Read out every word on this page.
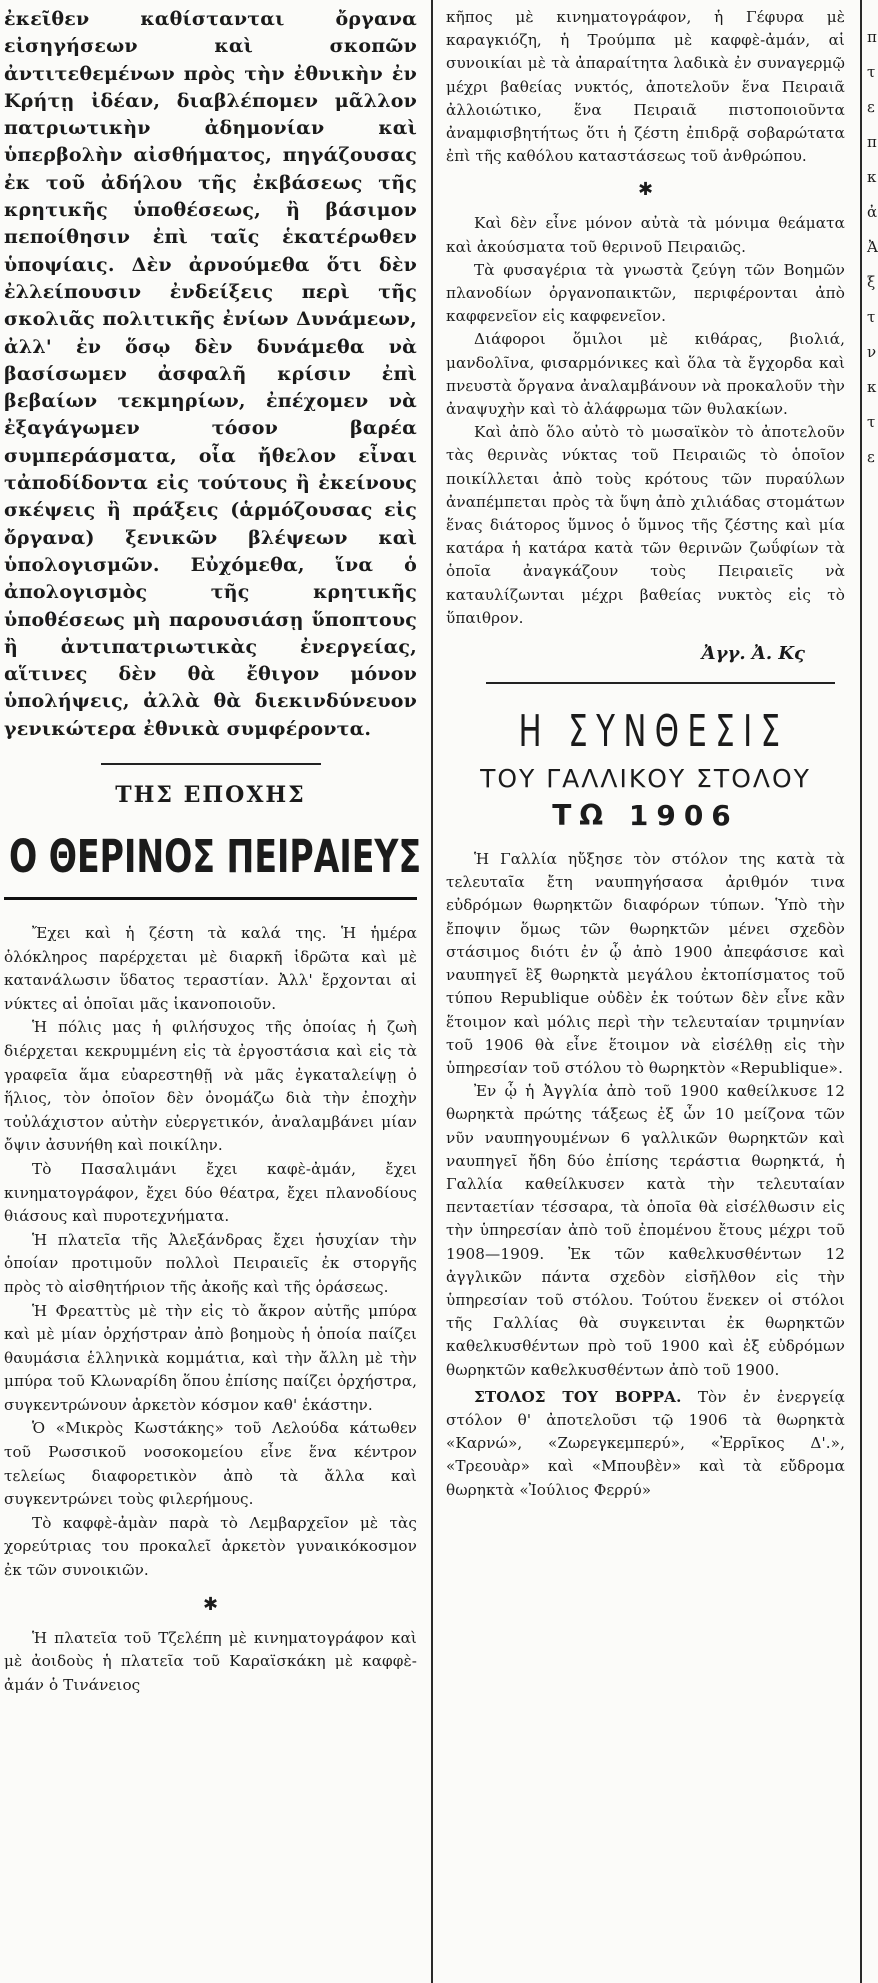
ἐκεῖθεν καθίστανται ὄργανα εἰσηγήσεων καὶ σκοπῶν ἀντιτεθεμένων πρὸς τὴν ἐθνικὴν ἐν Κρήτῃ ἰδέαν, διαβλέπομεν μᾶλλον πατριωτικὴν ἀδημονίαν καὶ ὑπερβολὴν αἰσθήματος, πηγάζουσας ἐκ τοῦ ἀδήλου τῆς ἐκβάσεως τῆς κρητικῆς ὑποθέσεως, ἢ βάσιμον πεποίθησιν ἐπὶ ταῖς ἑκατέρωθεν ὑποψίαις. Δὲν ἀρνούμεθα ὅτι δὲν ἐλλείπουσιν ἐνδείξεις περὶ τῆς σκολιᾶς πολιτικῆς ἐνίων Δυνάμεων, ἀλλ' ἐν ὅσῳ δὲν δυνάμεθα νὰ βασίσωμεν ἀσφαλῆ κρίσιν ἐπὶ βεβαίων τεκμηρίων, ἐπέχομεν νὰ ἐξαγάγωμεν τόσον βαρέα συμπεράσματα, οἷα ἤθελον εἶναι τἀποδίδοντα εἰς τούτους ἢ ἐκείνους σκέψεις ἢ πράξεις (ἁρμόζουσας εἰς ὄργανα) ξενικῶν βλέψεων καὶ ὑπολογισμῶν. Εὐχόμεθα, ἵνα ὁ ἀπολογισμὸς τῆς κρητικῆς ὑποθέσεως μὴ παρουσιάσῃ ὕποπτους ἢ ἀντιπατριωτικὰς ἐνεργείας, αἵτινες δὲν θὰ ἔθιγον μόνον ὑπολήψεις, ἀλλὰ θὰ διεκινδύνευον γενικώτερα ἐθνικὰ συμφέροντα.

ΤΗΣ ΕΠΟΧΗΣ
Ο ΘΕΡΙΝΟΣ ΠΕΙΡΑΙΕΥΣ

Ἔχει καὶ ἡ ζέστη τὰ καλά της. Ἡ ἡμέρα ὁλόκληρος παρέρχεται μὲ διαρκῆ ἱδρῶτα καὶ μὲ κατανάλωσιν ὕδατος τεραστίαν. Ἀλλ' ἔρχονται αἱ νύκτες αἱ ὁποῖαι μᾶς ἱκανοποιοῦν.

Ἡ πόλις μας ἡ φιλήσυχος τῆς ὁποίας ἡ ζωὴ διέρχεται κεκρυμμένη εἰς τὰ ἐργοστάσια καὶ εἰς τὰ γραφεῖα ἅμα εὐαρεστηθῇ νὰ μᾶς ἐγκαταλείψῃ ὁ ἥλιος, τὸν ὁποῖον δὲν ὀνομάζω διὰ τὴν ἐποχὴν τοὐλάχιστον αὐτὴν εὐεργετικόν, ἀναλαμβάνει μίαν ὄψιν ἀσυνήθη καὶ ποικίλην.

Τὸ Πασαλιμάνι ἔχει καφὲ-ἀμάν, ἔχει κινηματογράφον, ἔχει δύο θέατρα, ἔχει πλανοδίους θιάσους καὶ πυροτεχνήματα.

Ἡ πλατεῖα τῆς Ἀλεξάνδρας ἔχει ἡσυχίαν τὴν ὁποίαν προτιμοῦν πολλοὶ Πειραιεῖς ἐκ στοργῆς πρὸς τὸ αἰσθητήριον τῆς ἀκοῆς καὶ τῆς ὁράσεως.

Ἡ Φρεαττὺς μὲ τὴν εἰς τὸ ἄκρον αὐτῆς μπύρα καὶ μὲ μίαν ὀρχήστραν ἀπὸ βοημοὺς ἡ ὁποία παίζει θαυμάσια ἑλληνικὰ κομμάτια, καὶ τὴν ἄλλη μὲ τὴν μπύρα τοῦ Κλωναρίδη ὅπου ἐπίσης παίζει ὀρχήστρα, συγκεντρώνουν ἀρκετὸν κόσμον καθ' ἑκάστην.

Ὁ «Μικρὸς Κωστάκης» τοῦ Λελούδα κάτωθεν τοῦ Ρωσσικοῦ νοσοκομείου εἶνε ἕνα κέντρον τελείως διαφορετικὸν ἀπὸ τὰ ἄλλα καὶ συγκεντρώνει τοὺς φιλερήμους.

Τὸ καφφὲ-ἀμὰν παρὰ τὸ Λεμβαρχεῖον μὲ τὰς χορεύτριας του προκαλεῖ ἀρκετὸν γυναικόκοσμον ἐκ τῶν συνοικιῶν.

✱

Ἡ πλατεῖα τοῦ Τζελέπη μὲ κινηματογράφον καὶ μὲ ἀοιδοὺς ἡ πλατεῖα τοῦ Καραϊσκάκη μὲ καφφὲ-ἀμάν ὁ Τινάνειος

κῆπος μὲ κινηματογράφον, ἡ Γέφυρα μὲ καραγκιόζη, ἡ Τρούμπα μὲ καφφὲ-ἀμάν, αἱ συνοικίαι μὲ τὰ ἀπαραίτητα λαδικὰ ἐν συναγερμῷ μέχρι βαθείας νυκτός, ἀποτελοῦν ἕνα Πειραιᾶ ἀλλοιώτικο, ἕνα Πειραιᾶ πιστοποιοῦντα ἀναμφισβητήτως ὅτι ἡ ζέστη ἐπιδρᾷ σοβαρώτατα ἐπὶ τῆς καθόλου καταστάσεως τοῦ ἀνθρώπου.

✱

Καὶ δὲν εἶνε μόνον αὐτὰ τὰ μόνιμα θεάματα καὶ ἀκούσματα τοῦ θερινοῦ Πειραιῶς.

Τὰ φυσαγέρια τὰ γνωστὰ ζεύγη τῶν Βοημῶν πλανοδίων ὀργανοπαικτῶν, περιφέρονται ἀπὸ καφφενεῖον εἰς καφφενεῖον.

Διάφοροι ὅμιλοι μὲ κιθάρας, βιολιά, μανδολῖνα, φισαρμόνικες καὶ ὅλα τὰ ἔγχορδα καὶ πνευστὰ ὄργανα ἀναλαμβάνουν νὰ προκαλοῦν τὴν ἀναψυχὴν καὶ τὸ ἀλάφρωμα τῶν θυλακίων.

Καὶ ἀπὸ ὅλο αὐτὸ τὸ μωσαϊκὸν τὸ ἀποτελοῦν τὰς θερινὰς νύκτας τοῦ Πειραιῶς τὸ ὁποῖον ποικίλλεται ἀπὸ τοὺς κρότους τῶν πυραύλων ἀναπέμπεται πρὸς τὰ ὕψη ἀπὸ χιλιάδας στομάτων ἕνας διάτορος ὕμνος ὁ ὕμνος τῆς ζέστης καὶ μία κατάρα ἡ κατάρα κατὰ τῶν θερινῶν ζωΰφίων τὰ ὁποῖα ἀναγκάζουν τοὺς Πειραιεῖς νὰ καταυλίζωνται μέχρι βαθείας νυκτὸς εἰς τὸ ὕπαιθρον.

Ἀγγ. Ἀ. Κς
Η ΣΥΝΘΕΣΙΣ
ΤΟΥ ΓΑΛΛΙΚΟΥ ΣΤΟΛΟΥ
ΤΩ 1906

Ἡ Γαλλία ηὔξησε τὸν στόλον της κατὰ τὰ τελευταῖα ἔτη ναυπηγήσασα ἀριθμόν τινα εὐδρόμων θωρηκτῶν διαφόρων τύπων. Ὑπὸ τὴν ἔποψιν ὅμως τῶν θωρηκτῶν μένει σχεδὸν στάσιμος διότι ἐν ᾧ ἀπὸ 1900 ἀπεφάσισε καὶ ναυπηγεῖ ἓξ θωρηκτὰ μεγάλου ἐκτοπίσματος τοῦ τύπου Republique οὐδὲν ἐκ τούτων δὲν εἶνε κἂν ἕτοιμον καὶ μόλις περὶ τὴν τελευταίαν τριμηνίαν τοῦ 1906 θὰ εἶνε ἕτοιμον νὰ εἰσέλθῃ εἰς τὴν ὑπηρεσίαν τοῦ στόλου τὸ θωρηκτὸν «Republique».

Ἐν ᾧ ἡ Ἀγγλία ἀπὸ τοῦ 1900 καθείλκυσε 12 θωρηκτὰ πρώτης τάξεως ἐξ ὧν 10 μείζονα τῶν νῦν ναυπηγουμένων 6 γαλλικῶν θωρηκτῶν καὶ ναυπηγεῖ ἤδη δύο ἐπίσης τεράστια θωρηκτά, ἡ Γαλλία καθείλκυσεν κατὰ τὴν τελευταίαν πενταετίαν τέσσαρα, τὰ ὁποῖα θὰ εἰσέλθωσιν εἰς τὴν ὑπηρεσίαν ἀπὸ τοῦ ἐπομένου ἔτους μέχρι τοῦ 1908—1909. Ἐκ τῶν καθελκυσθέντων 12 ἀγγλικῶν πάντα σχεδὸν εἰσῆλθον εἰς τὴν ὑπηρεσίαν τοῦ στόλου. Τούτου ἕνεκεν οἱ στόλοι τῆς Γαλλίας θὰ συγκεινται ἐκ θωρηκτῶν καθελκυσθέντων πρὸ τοῦ 1900 καὶ ἐξ εὐδρόμων θωρηκτῶν καθελκυσθέντων ἀπὸ τοῦ 1900.

ΣΤΟΛΟΣ ΤΟΥ ΒΟΡΡΑ. Τὸν ἐν ἐνεργείᾳ στόλον θ' ἀποτελοῦσι τῷ 1906 τὰ θωρηκτὰ «Καρνώ», «Ζωρεγκεμπερύ», «Ἐρρῖκος Δ'.», «Τρεουὰρ» καὶ «Μπουβὲν» καὶ τὰ εὔδρομα θωρηκτὰ «Ἰούλιος Φερρύ»

π
τ
ε
π
κ
ἀ
Ἀ
ξ
τ
ν
κ
τ
ε
